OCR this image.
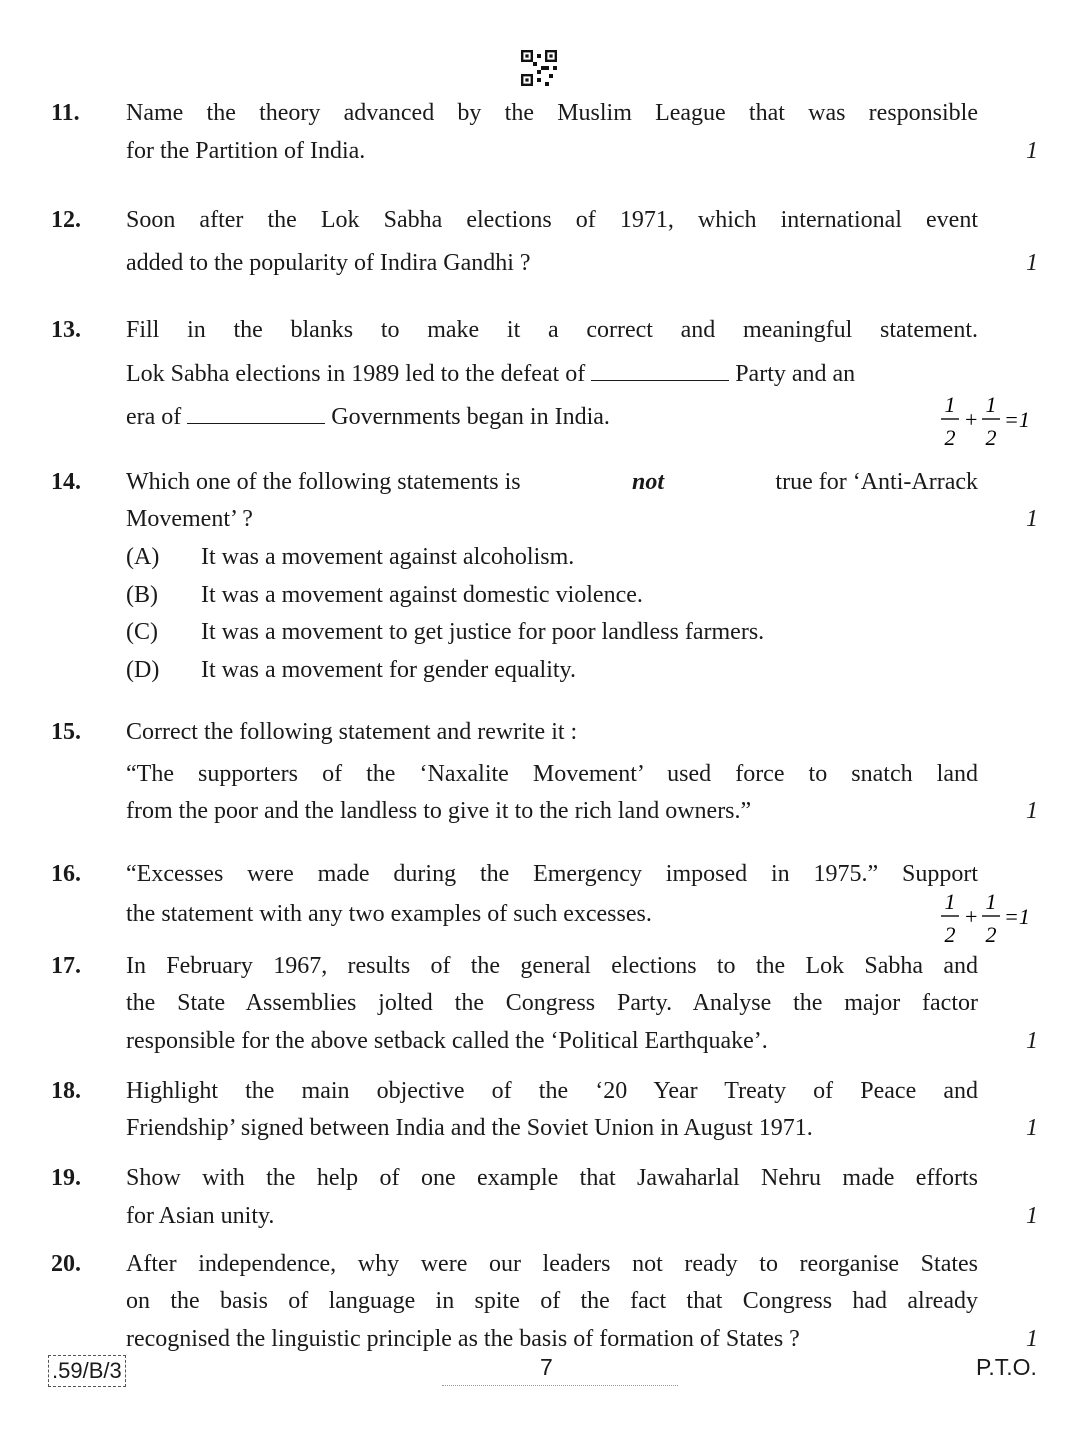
11. Name the theory advanced by the Muslim League that was responsible
for the Partition of India.	1
12. Soon after the Lok Sabha elections of 1971, which international event
added to the popularity of Indira Gandhi ?	1
13. Fill in the blanks to make it a correct and meaningful statement.
Lok Sabha elections in 1989 led to the defeat of	Party and an
era of	Governments began in India.	1
2
+
1
2
=1
14. Which one of the following statements is	not	true for ‘Anti-Arrack
Movement’ ?	1
(A) It was a movement against alcoholism.
(B) It was a movement against domestic violence.
(C) It was a movement to get justice for poor landless farmers.
(D) It was a movement for gender equality.
15. Correct the following statement and rewrite it :
“The supporters of the ‘Naxalite Movement’ used force to snatch land
from the poor and the landless to give it to the rich land owners.”	1
16. “Excesses were made during the Emergency imposed in 1975.” Support
the statement with any two examples of such excesses.	1
2
+
1
2
=1
17. In February 1967, results of the general elections to the Lok Sabha and
the State Assemblies jolted the Congress Party. Analyse the major factor
responsible for the above setback called the ‘Political Earthquake’.	1
18. Highlight the main objective of the ‘20 Year Treaty of Peace and
Friendship’ signed between India and the Soviet Union in August 1971.	1
19. Show with the help of one example that Jawaharlal Nehru made efforts
for Asian unity.	1
20. After independence, why were our leaders not ready to reorganise States
on the basis of language in spite of the fact that Congress had already
recognised the linguistic principle as the basis of formation of States ?	1
.59/B/3	7	P.T.O.
